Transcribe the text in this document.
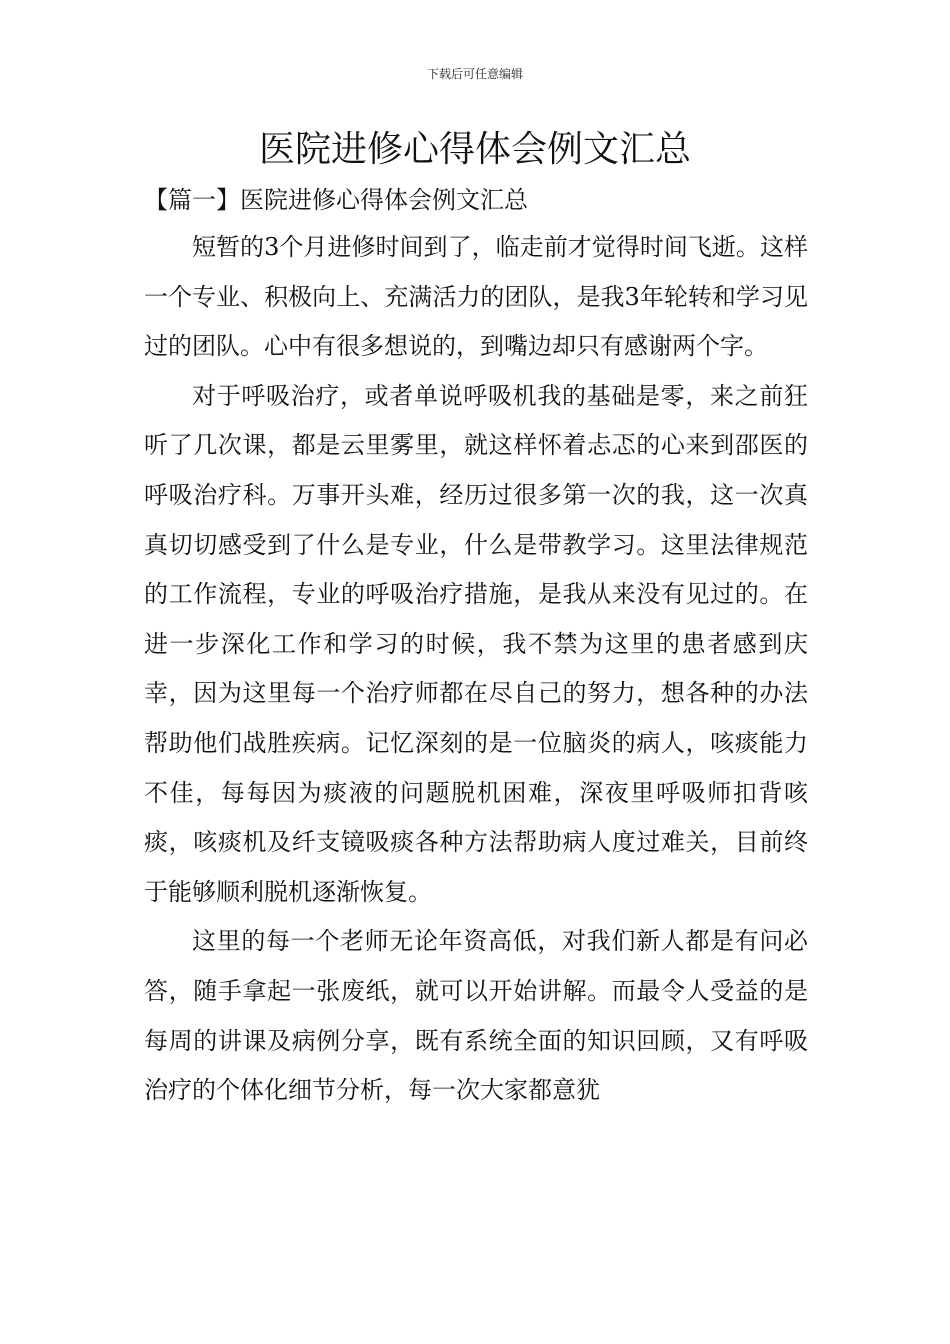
下载后可任意编辑
医院进修心得体会例文汇总
【篇一】医院进修心得体会例文汇总

短暂的3个月进修时间到了，临走前才觉得时间飞逝。这样一个专业、积极向上、充满活力的团队，是我3年轮转和学习见过的团队。心中有很多想说的，到嘴边却只有感谢两个字。

对于呼吸治疗，或者单说呼吸机我的基础是零，来之前狂听了几次课，都是云里雾里，就这样怀着忐忑的心来到邵医的呼吸治疗科。万事开头难，经历过很多第一次的我，这一次真真切切感受到了什么是专业，什么是带教学习。这里法律规范的工作流程，专业的呼吸治疗措施，是我从来没有见过的。在进一步深化工作和学习的时候，我不禁为这里的患者感到庆幸，因为这里每一个治疗师都在尽自己的努力，想各种的办法帮助他们战胜疾病。记忆深刻的是一位脑炎的病人，咳痰能力不佳，每每因为痰液的问题脱机困难，深夜里呼吸师扣背咳痰，咳痰机及纤支镜吸痰各种方法帮助病人度过难关，目前终于能够顺利脱机逐渐恢复。

这里的每一个老师无论年资高低，对我们新人都是有问必答，随手拿起一张废纸，就可以开始讲解。而最令人受益的是每周的讲课及病例分享，既有系统全面的知识回顾，又有呼吸治疗的个体化细节分析，每一次大家都意犹
